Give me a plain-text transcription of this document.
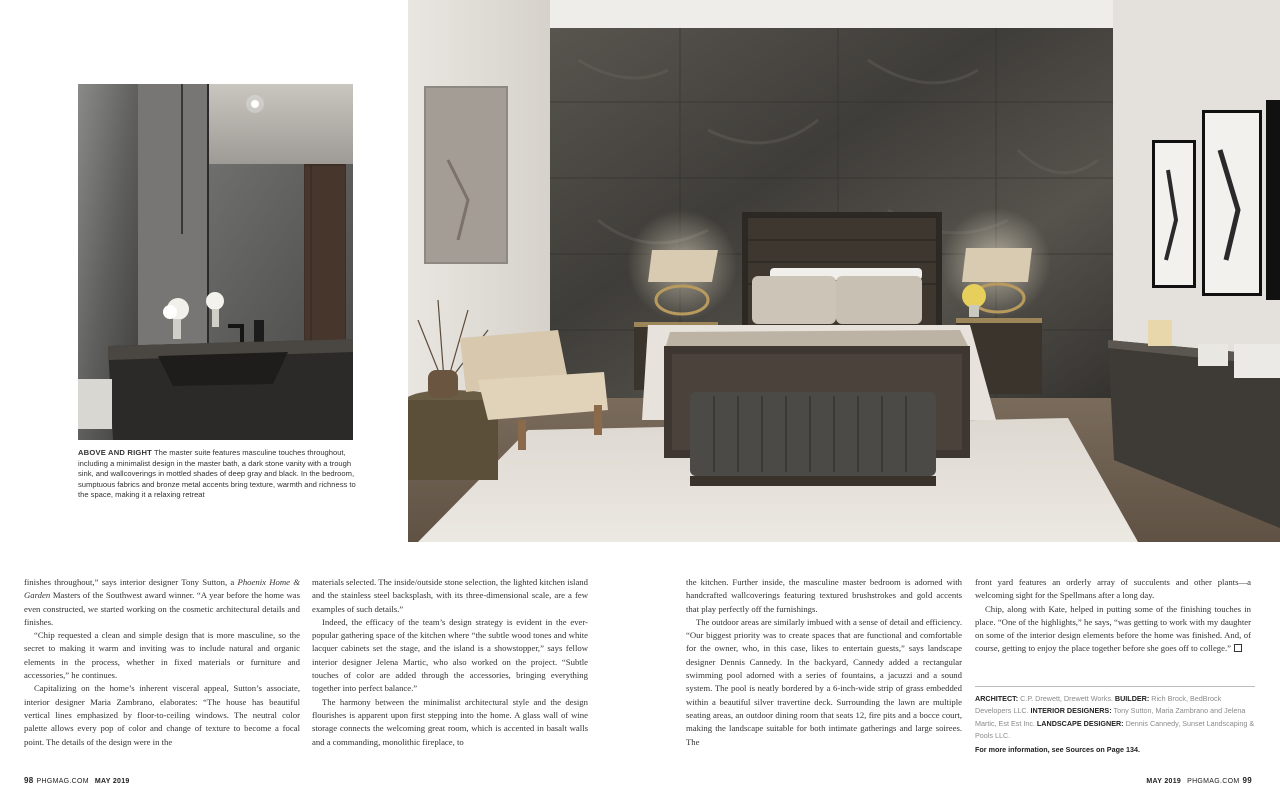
ABOVE AND RIGHT The master suite features masculine touches throughout, including a minimalist design in the master bath, a dark stone vanity with a trough sink, and wallcoverings in mottled shades of deep gray and black. In the bedroom, sumptuous fabrics and bronze metal accents bring texture, warmth and richness to the space, making it a relaxing retreat

finishes throughout,” says interior designer Tony Sutton, a Phoenix Home & Garden Masters of the Southwest award winner. “A year before the home was even constructed, we started working on the cosmetic architectural details and finishes.

“Chip requested a clean and simple design that is more masculine, so the secret to making it warm and inviting was to include natural and organic elements in the process, whether in fixed materials or furniture and accessories,” he continues.

Capitalizing on the home’s inherent visceral appeal, Sutton’s associate, interior designer Maria Zambrano, elaborates: “The house has beautiful vertical lines emphasized by floor-to-ceiling windows. The neutral color palette allows every pop of color and change of texture to become a focal point. The details of the design were in the

materials selected. The inside/outside stone selection, the lighted kitchen island and the stainless steel backsplash, with its three-dimensional scale, are a few examples of such details.”

Indeed, the efficacy of the team’s design strategy is evident in the ever-popular gathering space of the kitchen where “the subtle wood tones and white lacquer cabinets set the stage, and the island is a showstopper,” says fellow interior designer Jelena Martic, who also worked on the project. “Subtle touches of color are added through the accessories, bringing everything together into perfect balance.”

The harmony between the minimalist architectural style and the design flourishes is apparent upon first stepping into the home. A glass wall of wine storage connects the welcoming great room, which is accented in basalt walls and a commanding, monolithic fireplace, to

the kitchen. Further inside, the masculine master bedroom is adorned with handcrafted wallcoverings featuring textured brushstrokes and gold accents that play perfectly off the furnishings.

The outdoor areas are similarly imbued with a sense of detail and efficiency. “Our biggest priority was to create spaces that are functional and comfortable for the owner, who, in this case, likes to entertain guests,” says landscape designer Dennis Cannedy. In the backyard, Cannedy added a rectangular swimming pool adorned with a series of fountains, a jacuzzi and a sound system. The pool is neatly bordered by a 6-inch-wide strip of grass embedded within a beautiful silver travertine deck. Surrounding the lawn are multiple seating areas, an outdoor dining room that seats 12, fire pits and a bocce court, making the landscape suitable for both intimate gatherings and large soirees. The

front yard features an orderly array of succulents and other plants—a welcoming sight for the Spellmans after a long day.

Chip, along with Kate, helped in putting some of the finishing touches in place. “One of the highlights,” he says, “was getting to work with my daughter on some of the interior design elements before the home was finished. And, of course, getting to enjoy the place together before she goes off to college.”

ARCHITECT: C.P. Drewett, Drewett Works. BUILDER: Rich Brock, BedBrock Developers LLC. INTERIOR DESIGNERS: Tony Sutton, Maria Zambrano and Jelena Martic, Est Est Inc. LANDSCAPE DESIGNER: Dennis Cannedy, Sunset Landscaping & Pools LLC.
For more information, see Sources on Page 134.
98 PHGMAG.COM MAY 2019	MAY 2019 PHGMAG.COM 99
